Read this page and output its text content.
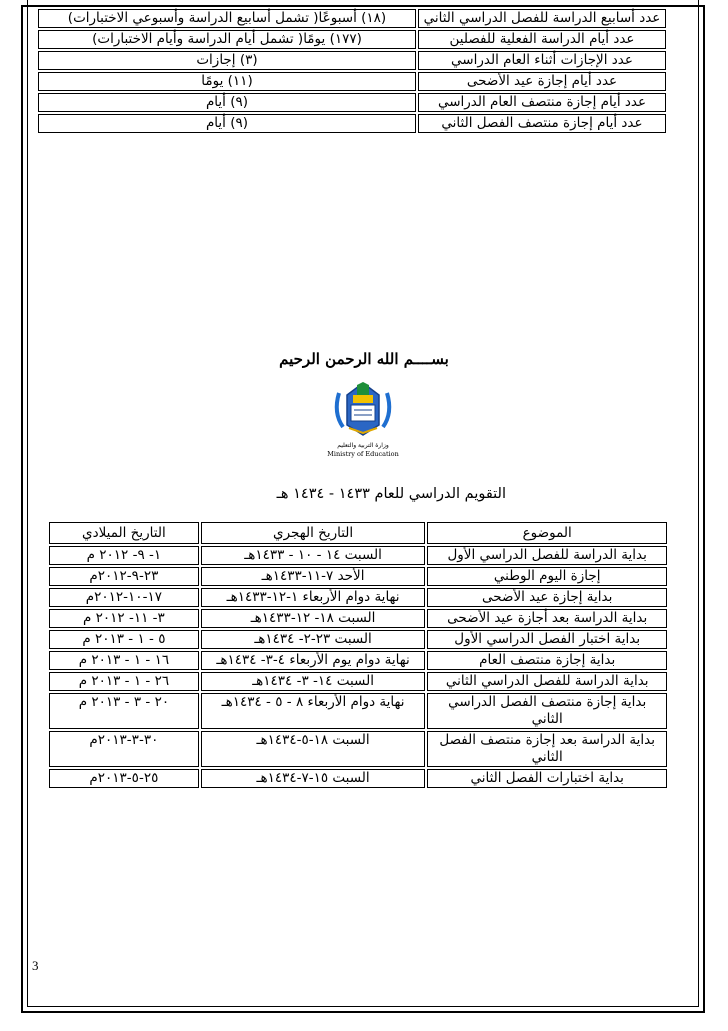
عدد أسابيع الدراسة للفصل الدراسي الثاني	(١٨) أسبوعًا( تشمل أسابيع الدراسة وأسبوعي الاختبارات)
عدد أيام الدراسة الفعلية للفصلين	(١٧٧) يومًا( تشمل أيام الدراسة وأيام الاختبارات)
عدد الإجازات أثناء العام الدراسي	(٣) إجازات
عدد أيام إجازة عيد الأضحى	(١١) يومًا
عدد أيام إجازة منتصف العام الدراسي	(٩) أيام
عدد أيام إجازة منتصف الفصل الثاني	(٩) أيام
بســــم الله الرحمن الرحيم
وزارة التربية والتعليم
Ministry of Education
التقويم الدراسي للعام ١٤٣٣ - ١٤٣٤ هـ
الموضوع	التاريخ الهجري	التاريخ الميلادي
بداية الدراسة للفصل الدراسي الأول	السبت ١٤ - ١٠ - ١٤٣٣هـ	١- ٩- ٢٠١٢ م
إجازة اليوم الوطني	الأحد ٧-١١-١٤٣٣هـ	٢٣-٩-٢٠١٢م
بداية إجازة عيد الأضحى	نهاية دوام الأربعاء ١-١٢-١٤٣٣هـ	١٧-١٠-٢٠١٢م
بداية الدراسة بعد أجازة عيد الأضحى	السبت ١٨- ١٢-١٤٣٣هـ	٣- ١١- ٢٠١٢ م
بداية اختبار الفصل الدراسي الأول	السبت ٢٣-٢- ١٤٣٤هـ	٥ - ١ - ٢٠١٣ م
بداية إجازة منتصف العام	نهاية دوام يوم الأربعاء ٤-٣- ١٤٣٤هـ	١٦ - ١ - ٢٠١٣ م
بداية الدراسة للفصل الدراسي الثاني	السبت ١٤- ٣- ١٤٣٤هـ	٢٦ - ١ - ٢٠١٣ م
بداية إجازة منتصف الفصل الدراسي الثاني	نهاية دوام الأربعاء ٨ - ٥ - ١٤٣٤هـ	٢٠ - ٣ - ٢٠١٣ م
بداية الدراسة بعد إجازة منتصف الفصل الثاني	السبت ١٨-٥-١٤٣٤هـ	٣٠-٣-٢٠١٣م
بداية اختبارات الفصل الثاني	السبت ١٥-٧-١٤٣٤هـ	٢٥-٥-٢٠١٣م
3
